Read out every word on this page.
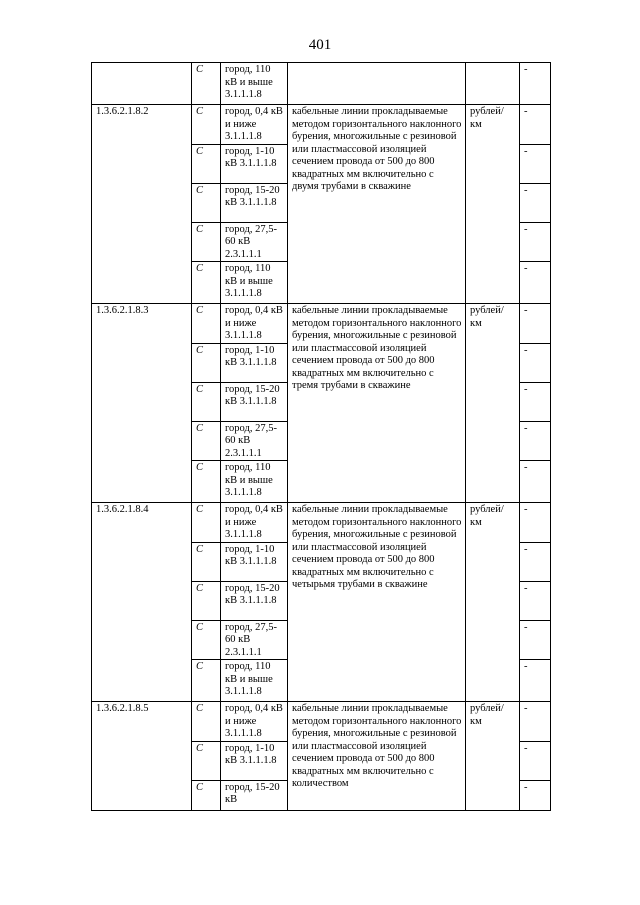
401
	С	город, 110 кВ и выше 3.1.1.1.8			-
1.3.6.2.1.8.2	С	город, 0,4 кВ и ниже 3.1.1.1.8	кабельные линии прокладываемые методом горизонтального наклонного бурения, многожильные с резиновой или пластмассовой изоляцией сечением провода от 500 до 800 квадратных мм включительно с двумя трубами в скважине	рублей/ км	-
	С	город, 1-10 кВ 3.1.1.1.8			-
	С	город, 15-20 кВ 3.1.1.1.8			-
	С	город, 27,5-60 кВ 2.3.1.1.1			-
	С	город, 110 кВ и выше 3.1.1.1.8			-
1.3.6.2.1.8.3	С	город, 0,4 кВ и ниже 3.1.1.1.8	кабельные линии прокладываемые методом горизонтального наклонного бурения, многожильные с резиновой или пластмассовой изоляцией сечением провода от 500 до 800 квадратных мм включительно с тремя трубами в скважине	рублей/ км	-
	С	город, 1-10 кВ 3.1.1.1.8			-
	С	город, 15-20 кВ 3.1.1.1.8			-
	С	город, 27,5-60 кВ 2.3.1.1.1			-
	С	город, 110 кВ и выше 3.1.1.1.8			-
1.3.6.2.1.8.4	С	город, 0,4 кВ и ниже 3.1.1.1.8	кабельные линии прокладываемые методом горизонтального наклонного бурения, многожильные с резиновой или пластмассовой изоляцией сечением провода от 500 до 800 квадратных мм включительно с четырьмя трубами в скважине	рублей/ км	-
	С	город, 1-10 кВ 3.1.1.1.8			-
	С	город, 15-20 кВ 3.1.1.1.8			-
	С	город, 27,5-60 кВ 2.3.1.1.1			-
	С	город, 110 кВ и выше 3.1.1.1.8			-
1.3.6.2.1.8.5	С	город, 0,4 кВ и ниже 3.1.1.1.8	кабельные линии прокладываемые методом горизонтального наклонного бурения, многожильные с резиновой или пластмассовой изоляцией сечением провода от 500 до 800 квадратных мм включительно с количеством	рублей/ км	-
	С	город, 1-10 кВ 3.1.1.1.8			-
	С	город, 15-20 кВ			-
